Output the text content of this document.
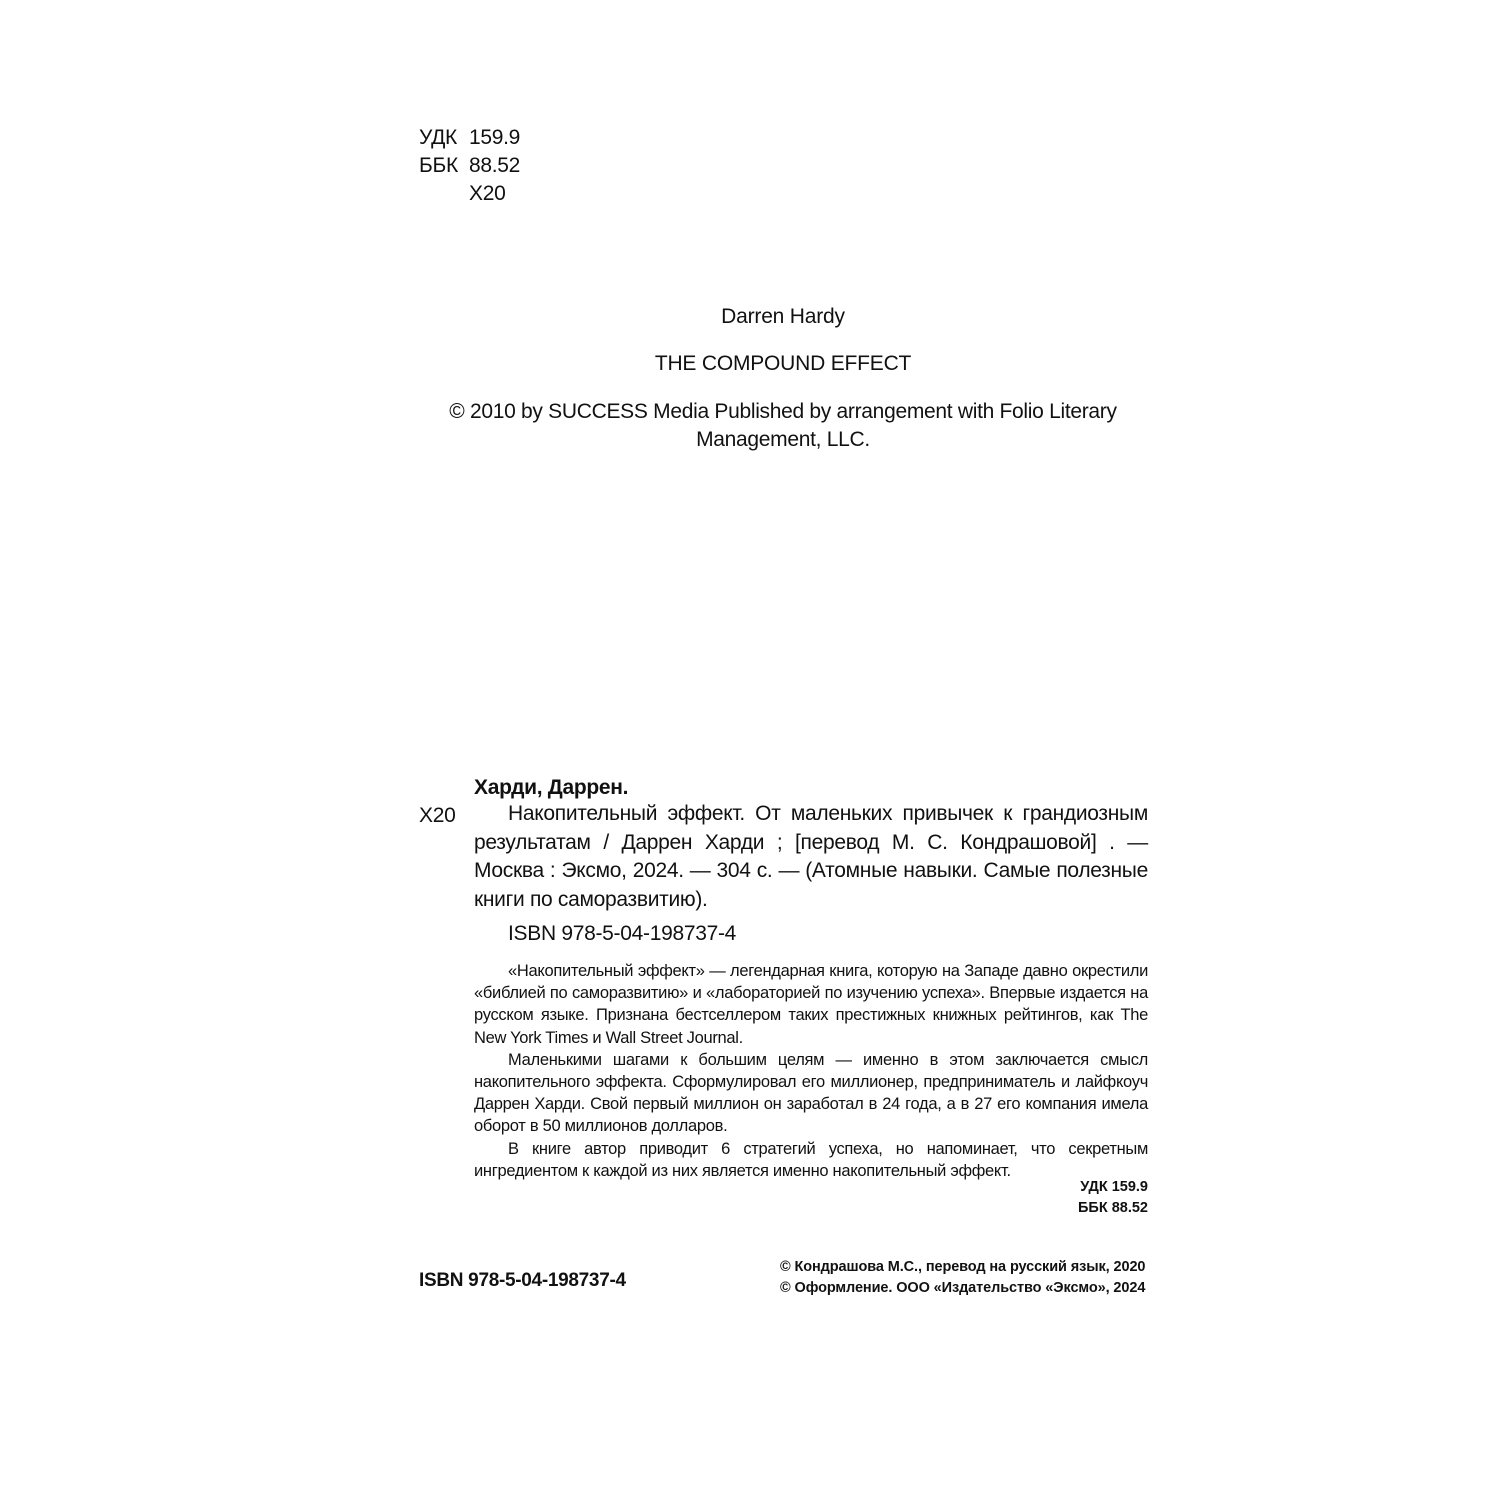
УДК 159.9
ББК 88.52
Х20
Darren Hardy
THE COMPOUND EFFECT
© 2010 by SUCCESS Media Published by arrangement with Folio Literary Management, LLC.
Харди, Даррен.
Х20	Накопительный эффект. От маленьких привычек к грандиозным результатам / Даррен Харди ; [перевод М. С. Кондрашовой] . — Москва : Эксмо, 2024. — 304 с. — (Атомные навыки. Самые полезные книги по саморазвитию).

ISBN 978-5-04-198737-4

«Накопительный эффект» — легендарная книга, которую на Западе давно окрестили «библией по саморазвитию» и «лабораторией по изучению успеха». Впервые издается на русском языке. Признана бестселлером таких престижных книжных рейтингов, как The New York Times и Wall Street Journal.

Маленькими шагами к большим целям — именно в этом заключается смысл накопительного эффекта. Сформулировал его миллионер, предприниматель и лайфкоуч Даррен Харди. Свой первый миллион он заработал в 24 года, а в 27 его компания имела оборот в 50 миллионов долларов.

В книге автор приводит 6 стратегий успеха, но напоминает, что секретным ингредиентом к каждой из них является именно накопительный эффект.

УДК 159.9
ББК 88.52
ISBN 978-5-04-198737-4
© Кондрашова М.С., перевод на русский язык, 2020
© Оформление. ООО «Издательство «Эксмо», 2024
